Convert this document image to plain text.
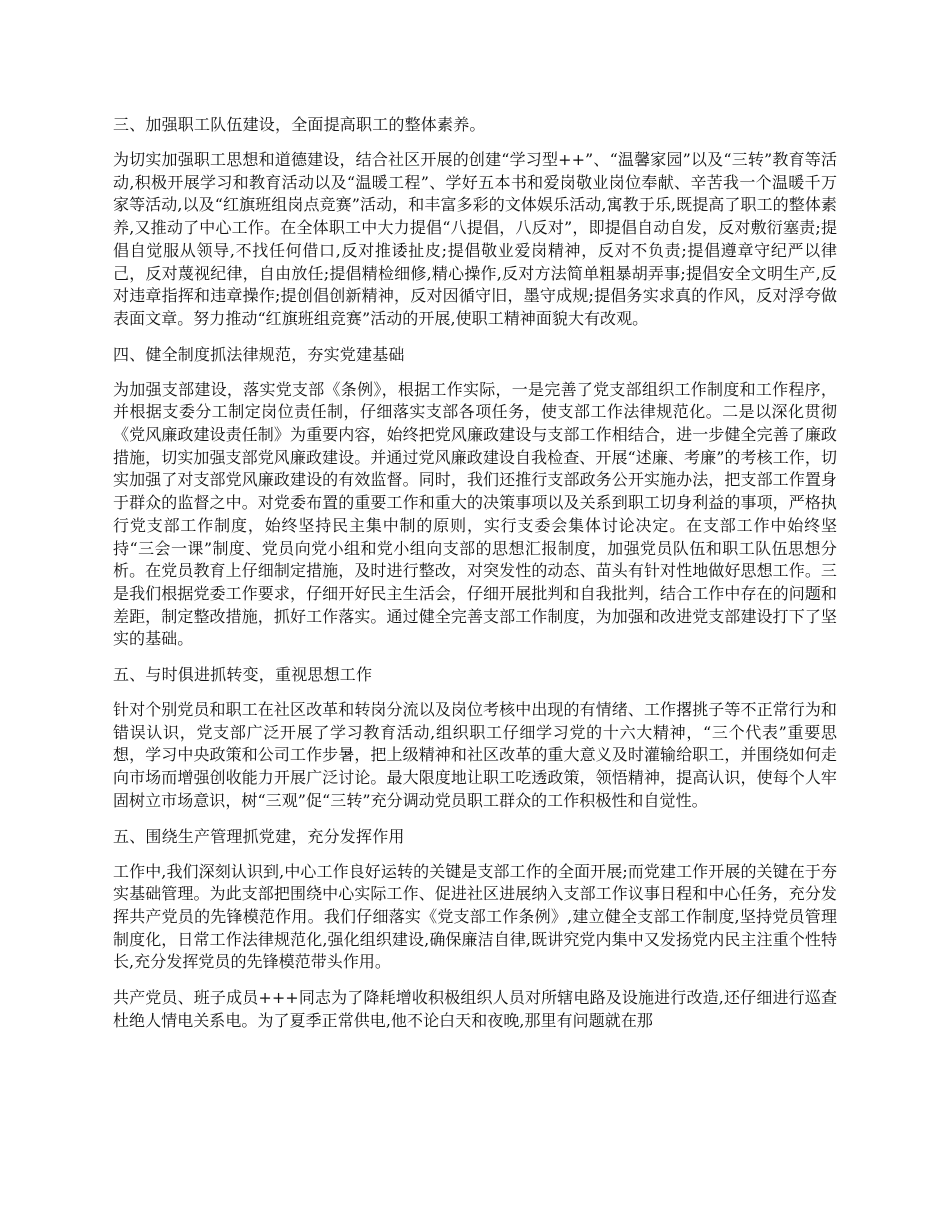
三、加强职工队伍建设，全面提高职工的整体素养。
为切实加强职工思想和道德建设，结合社区开展的创建“学习型++”、“温馨家园”以及“三转”教育等活动,积极开展学习和教育活动以及“温暖工程”、学好五本书和爱岗敬业岗位奉献、辛苦我一个温暖千万家等活动,以及“红旗班组岗点竞赛”活动，和丰富多彩的文体娱乐活动,寓教于乐,既提高了职工的整体素养,又推动了中心工作。在全体职工中大力提倡“八提倡，八反对”，即提倡自动自发，反对敷衍塞责;提倡自觉服从领导,不找任何借口,反对推诿扯皮;提倡敬业爱岗精神，反对不负责;提倡遵章守纪严以律己，反对蔑视纪律，自由放任;提倡精检细修,精心操作,反对方法简单粗暴胡弄事;提倡安全文明生产,反对违章指挥和违章操作;提创倡创新精神，反对因循守旧，墨守成规;提倡务实求真的作风，反对浮夸做表面文章。努力推动“红旗班组竞赛”活动的开展,使职工精神面貌大有改观。
四、健全制度抓法律规范，夯实党建基础
为加强支部建设，落实党支部《条例》，根据工作实际，一是完善了党支部组织工作制度和工作程序，并根据支委分工制定岗位责任制，仔细落实支部各项任务，使支部工作法律规范化。二是以深化贯彻《党风廉政建设责任制》为重要内容，始终把党风廉政建设与支部工作相结合，进一步健全完善了廉政措施，切实加强支部党风廉政建设。并通过党风廉政建设自我检查、开展“述廉、考廉”的考核工作，切实加强了对支部党风廉政建设的有效监督。同时，我们还推行支部政务公开实施办法，把支部工作置身于群众的监督之中。对党委布置的重要工作和重大的决策事项以及关系到职工切身利益的事项，严格执行党支部工作制度，始终坚持民主集中制的原则，实行支委会集体讨论决定。在支部工作中始终坚持“三会一课”制度、党员向党小组和党小组向支部的思想汇报制度，加强党员队伍和职工队伍思想分析。在党员教育上仔细制定措施，及时进行整改，对突发性的动态、苗头有针对性地做好思想工作。三是我们根据党委工作要求，仔细开好民主生活会，仔细开展批判和自我批判，结合工作中存在的问题和差距，制定整改措施，抓好工作落实。通过健全完善支部工作制度，为加强和改进党支部建设打下了坚实的基础。
五、与时俱进抓转变，重视思想工作
针对个别党员和职工在社区改革和转岗分流以及岗位考核中出现的有情绪、工作撂挑子等不正常行为和错误认识，党支部广泛开展了学习教育活动,组织职工仔细学习党的十六大精神，“三个代表”重要思想，学习中央政策和公司工作步暑，把上级精神和社区改革的重大意义及时灌输给职工，并围绕如何走向市场而增强创收能力开展广泛讨论。最大限度地让职工吃透政策，领悟精神，提高认识，使每个人牢固树立市场意识，树“三观”促“三转”充分调动党员职工群众的工作积极性和自觉性。
五、围绕生产管理抓党建，充分发挥作用
工作中,我们深刻认识到,中心工作良好运转的关键是支部工作的全面开展;而党建工作开展的关键在于夯实基础管理。为此支部把围绕中心实际工作、促进社区进展纳入支部工作议事日程和中心任务，充分发挥共产党员的先锋模范作用。我们仔细落实《党支部工作条例》,建立健全支部工作制度,坚持党员管理制度化，日常工作法律规范化,强化组织建设,确保廉洁自律,既讲究党内集中又发扬党内民主注重个性特长,充分发挥党员的先锋模范带头作用。
共产党员、班子成员+++同志为了降耗增收积极组织人员对所辖电路及设施进行改造,还仔细进行巡查杜绝人情电关系电。为了夏季正常供电,他不论白天和夜晚,那里有问题就在那
